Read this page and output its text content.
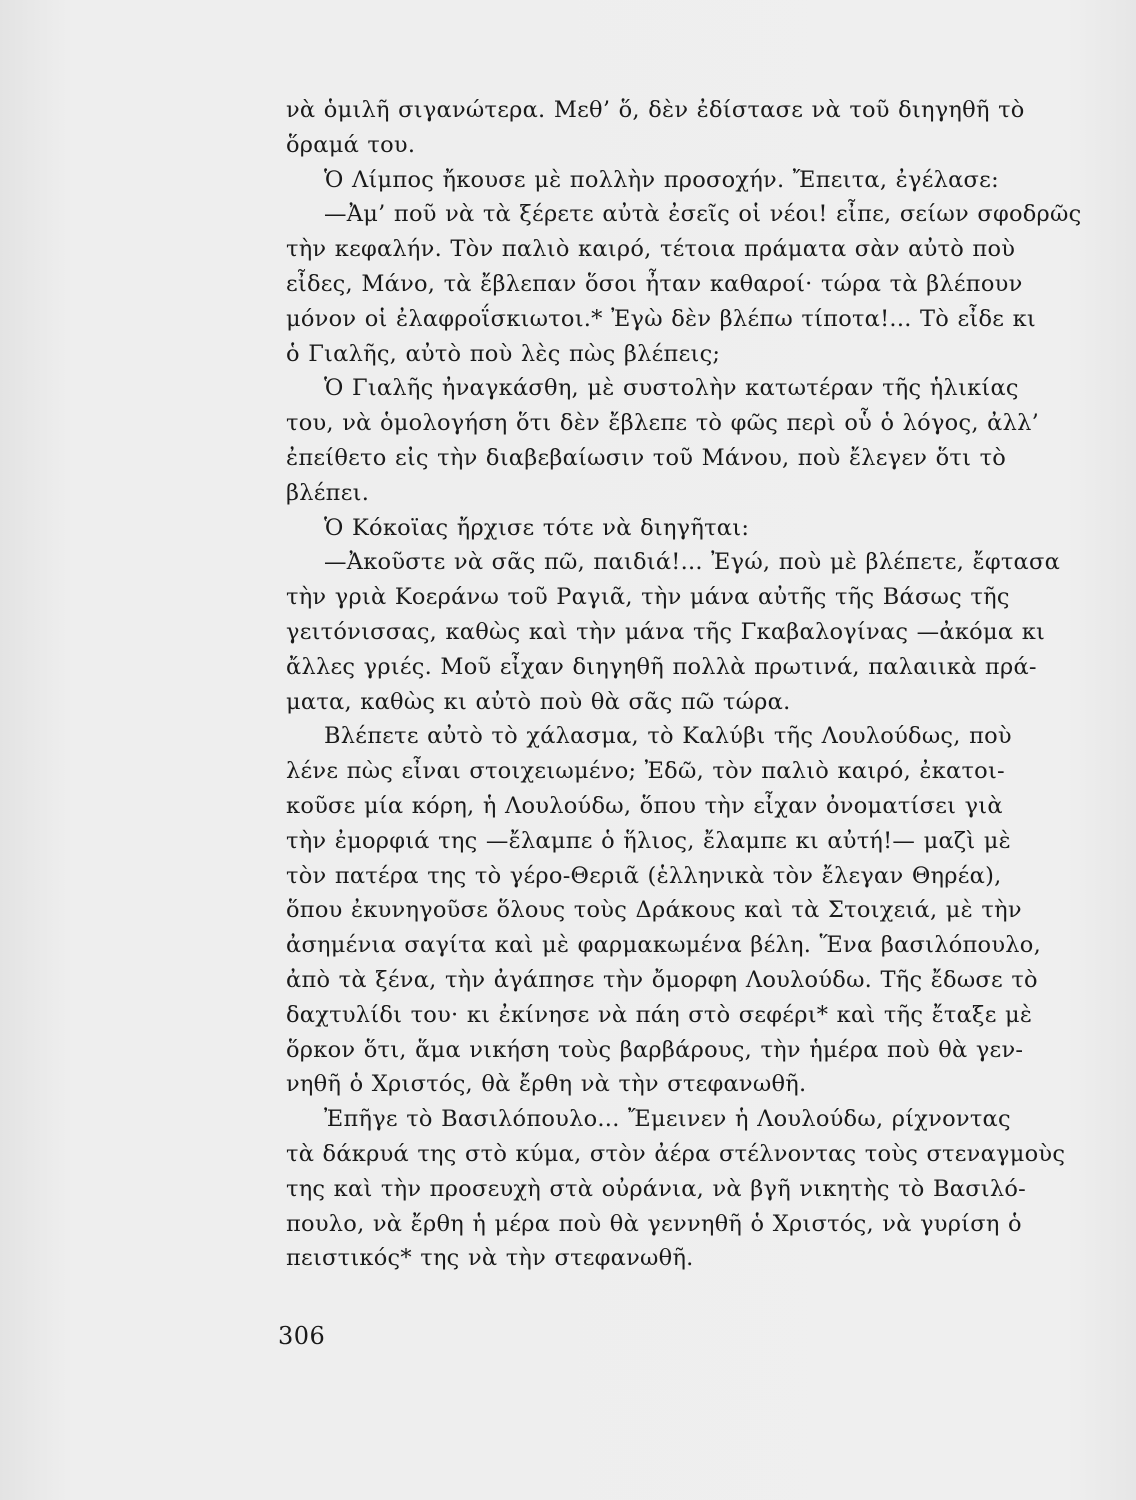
νὰ ὁμιλῆ σιγανώτερα. Μεθ’ ὅ, δὲν ἐδίστασε νὰ τοῦ διηγηθῆ τὸ
ὅραμά του.
Ὁ Λίμπος ἤκουσε μὲ πολλὴν προσοχήν. Ἔπειτα, ἐγέλασε:
—Ἀμ’ ποῦ νὰ τὰ ξέρετε αὐτὰ ἐσεῖς οἱ νέοι! εἶπε, σείων σφοδρῶς
τὴν κεφαλήν. Τὸν παλιὸ καιρό, τέτοια πράματα σὰν αὐτὸ ποὺ
εἶδες, Μάνο, τὰ ἔβλεπαν ὅσοι ἦταν καθαροί· τώρα τὰ βλέπουν
μόνον οἱ ἐλαφροΐσκιωτοι.* Ἐγὼ δὲν βλέπω τίποτα!... Τὸ εἶδε κι
ὁ Γιαλῆς, αὐτὸ ποὺ λὲς πὼς βλέπεις;
Ὁ Γιαλῆς ἠναγκάσθη, μὲ συστολὴν κατωτέραν τῆς ἡλικίας
του, νὰ ὁμολογήση ὅτι δὲν ἔβλεπε τὸ φῶς περὶ οὗ ὁ λόγος, ἀλλ’
ἐπείθετο εἰς τὴν διαβεβαίωσιν τοῦ Μάνου, ποὺ ἔλεγεν ὅτι τὸ
βλέπει.
Ὁ Κόκοϊας ἤρχισε τότε νὰ διηγῆται:
—Ἀκοῦστε νὰ σᾶς πῶ, παιδιά!... Ἐγώ, ποὺ μὲ βλέπετε, ἔφτασα
τὴν γριὰ Κοεράνω τοῦ Ραγιᾶ, τὴν μάνα αὐτῆς τῆς Βάσως τῆς
γειτόνισσας, καθὼς καὶ τὴν μάνα τῆς Γκαβαλογίνας —ἀκόμα κι
ἄλλες γριές. Μοῦ εἶχαν διηγηθῆ πολλὰ πρωτινά, παλαιικὰ πρά-
ματα, καθὼς κι αὐτὸ ποὺ θὰ σᾶς πῶ τώρα.
Βλέπετε αὐτὸ τὸ χάλασμα, τὸ Καλύβι τῆς Λουλούδως, ποὺ
λένε πὼς εἶναι στοιχειωμένο; Ἐδῶ, τὸν παλιὸ καιρό, ἐκατοι-
κοῦσε μία κόρη, ἡ Λουλούδω, ὅπου τὴν εἶχαν ὀνοματίσει γιὰ
τὴν ἐμορφιά της —ἔλαμπε ὁ ἥλιος, ἔλαμπε κι αὐτή!— μαζὶ μὲ
τὸν πατέρα της τὸ γέρο-Θεριᾶ (ἑλληνικὰ τὸν ἔλεγαν Θηρέα),
ὅπου ἐκυνηγοῦσε ὅλους τοὺς Δράκους καὶ τὰ Στοιχειά, μὲ τὴν
ἀσημένια σαγίτα καὶ μὲ φαρμακωμένα βέλη. Ἕνα βασιλόπουλο,
ἀπὸ τὰ ξένα, τὴν ἀγάπησε τὴν ὄμορφη Λουλούδω. Τῆς ἔδωσε τὸ
δαχτυλίδι του· κι ἐκίνησε νὰ πάη στὸ σεφέρι* καὶ τῆς ἔταξε μὲ
ὅρκον ὅτι, ἅμα νικήση τοὺς βαρβάρους, τὴν ἡμέρα ποὺ θὰ γεν-
νηθῆ ὁ Χριστός, θὰ ἔρθη νὰ τὴν στεφανωθῆ.
Ἐπῆγε τὸ Βασιλόπουλο... Ἔμεινεν ἡ Λουλούδω, ρίχνοντας
τὰ δάκρυά της στὸ κύμα, στὸν ἀέρα στέλνοντας τοὺς στεναγμοὺς
της καὶ τὴν προσευχὴ στὰ οὐράνια, νὰ βγῆ νικητὴς τὸ Βασιλό-
πουλο, νὰ ἔρθη ἡ μέρα ποὺ θὰ γεννηθῆ ὁ Χριστός, νὰ γυρίση ὁ
πειστικός* της νὰ τὴν στεφανωθῆ.
306
